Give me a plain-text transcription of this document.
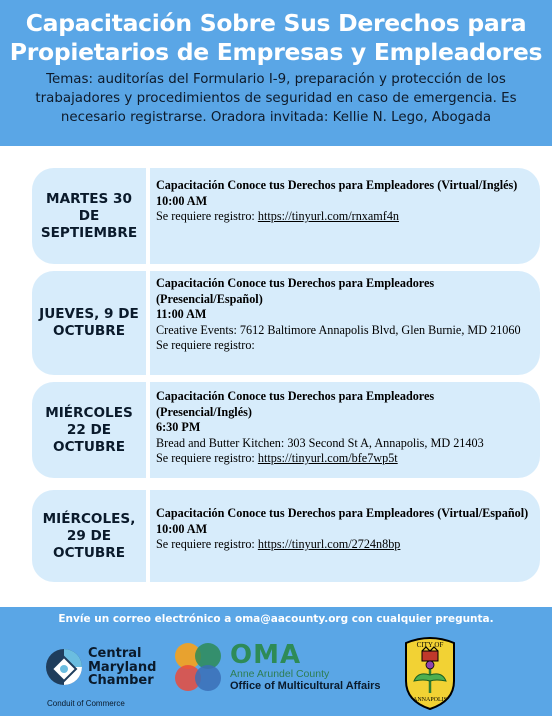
Capacitación Sobre Sus Derechos para
Propietarios de Empresas y Empleadores

Temas: auditorías del Formulario I-9, preparación y protección de los trabajadores y procedimientos de seguridad en caso de emergencia. Es necesario registrarse. Oradora invitada: Kellie N. Lego, Abogada

MARTES 30 DE SEPTIEMBRE
Capacitación Conoce tus Derechos para Empleadores (Virtual/Inglés)
10:00 AM
Se requiere registro: https://tinyurl.com/rnxamf4n
JUEVES, 9 DE OCTUBRE
Capacitación Conoce tus Derechos para Empleadores (Presencial/Español)
11:00 AM
Creative Events: 7612 Baltimore Annapolis Blvd, Glen Burnie, MD 21060
Se requiere registro:
MIÉRCOLES 22 DE OCTUBRE
Capacitación Conoce tus Derechos para Empleadores (Presencial/Inglés)
6:30 PM
Bread and Butter Kitchen: 303 Second St A, Annapolis, MD 21403
Se requiere registro: https://tinyurl.com/bfe7wp5t
MIÉRCOLES, 29 DE OCTUBRE
Capacitación Conoce tus Derechos para Empleadores (Virtual/Español)
10:00 AM
Se requiere registro: https://tinyurl.com/2724n8bp
Envíe un correo electrónico a oma@aacounty.org con cualquier pregunta.
Central
Maryland
Chamber
Conduit of Commerce
OMA
Anne Arundel County
Office of Multicultural Affairs
CITY OF
ANNAPOLIS
